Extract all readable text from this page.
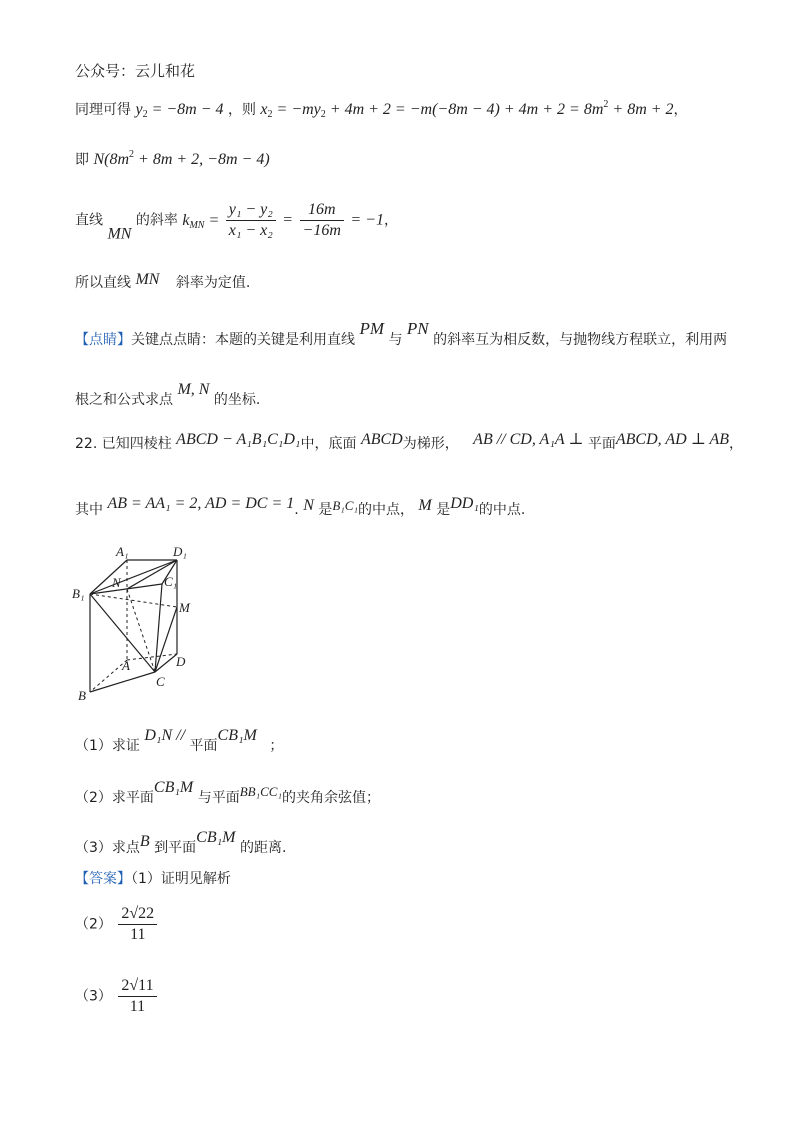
公众号：云儿和花
同理可得 $y_2 = -8m - 4$ ，则 $x_2 = -my_2 + 4m + 2 = -m(-8m - 4) + 4m + 2 = 8m^2 + 8m + 2$，
即 $N(8m^2 + 8m + 2$, −8m − 4)
直线 MN 的斜率 $k_{MN} = \frac{\text{y₁ − y₂}}{\text{x₁ − x₂}} = \frac{16m}{-16m} = -1$，
所以直线 MN 斜率为定值.
【点睛】关键点点睛：本题的关键是利用直线 PM 与 PN 的斜率互为相反数，与抛物线方程联立，利用两
根之和公式求点 M, N 的坐标.
22. 已知四棱柱 ABCD − A₁B₁C₁D₁中，底面 ABCD为梯形， AB // CD, A₁A ⊥ 平面ABCD, AD ⊥ AB，
其中 AB = AA₁ = 2, AD = DC = 1. N 是B₁C₁的中点， M 是DD₁的中点.
A₁	D₁
C₁
B₁
N
M
A	D
B
C
（1）求证 D₁N // 平面CB₁M ；
（2）求平面CB₁M 与平面BB₁CC₁的夹角余弦值；
（3）求点B 到平面CB₁M 的距离.
【答案】（1）证明见解析
$(2) \frac{2√22}{11}$
$(3) \frac{2√11}{11}$
